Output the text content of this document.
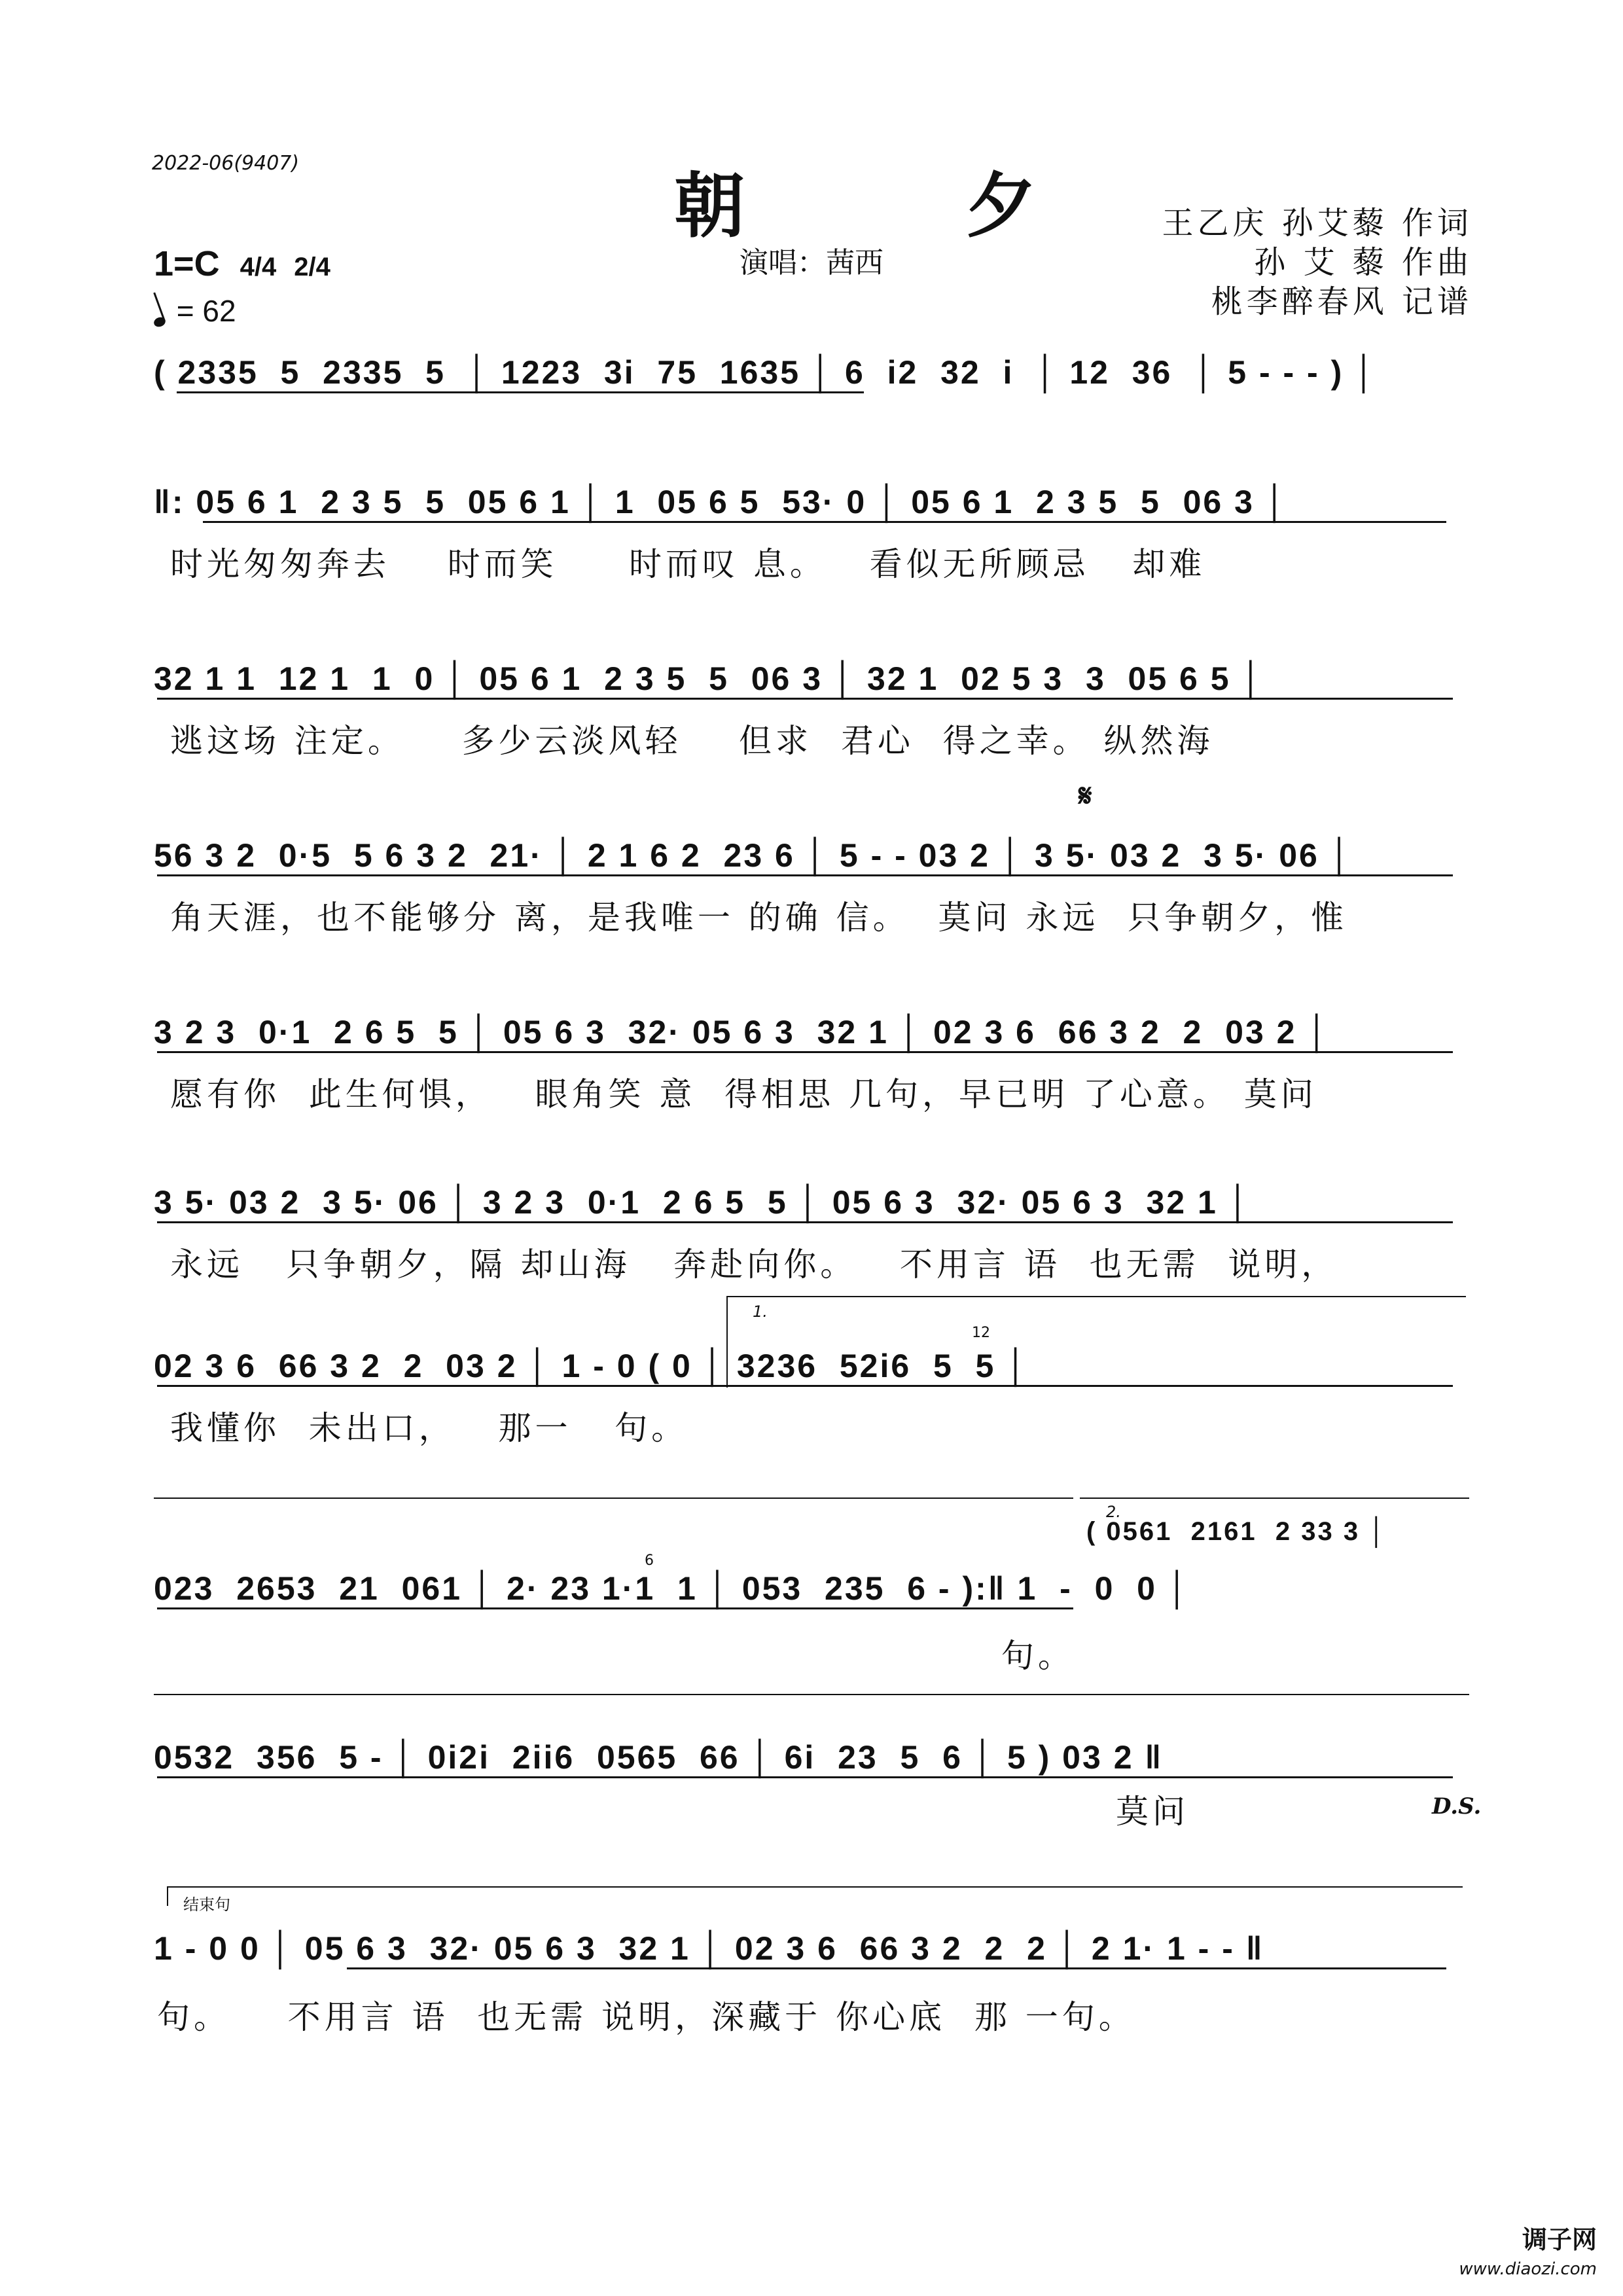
2022-06(9407)
朝 夕
演唱：茜西
王乙庆 孙艾藜 作词
孙 艾 藜 作曲
桃李醉春风 记谱
1=C 4/4 2/4
= 62
( 2335  5  2335  5  │ 1223  3i  75  1635 │ 6  i2  32  i  │ 12  36  │ 5 - - - ) │
‖: 05 6 1  2 3 5  5  05 6 1 │ 1  05 6 5  53· 0 │ 05 6 1  2 3 5  5  06 3 │
时光匆匆奔去    时而笑     时而叹 息。   看似无所顾忌   却难
32 1 1  12 1  1  0 │ 05 6 1  2 3 5  5  06 3 │ 32 1  02 5 3  3  05 6 5 │
逃这场 注定。    多少云淡风轻    但求  君心  得之幸。 纵然海
𝄋
56 3 2  0·5  5 6 3 2  21· │ 2 1 6 2  23 6 │ 5 - - 03 2 │ 3 5· 03 2  3 5· 06 │
角天涯，也不能够分 离，是我唯一 的确 信。  莫问 永远  只争朝夕，惟
3 2 3  0·1  2 6 5  5 │ 05 6 3  32· 05 6 3  32 1 │ 02 3 6  66 3 2  2  03 2 │
愿有你  此生何惧，   眼角笑 意  得相思 几句，早已明 了心意。 莫问
3 5· 03 2  3 5· 06 │ 3 2 3  0·1  2 6 5  5 │ 05 6 3  32· 05 6 3  32 1 │
永远   只争朝夕，隔 却山海   奔赴向你。   不用言 语  也无需  说明，
1.
12
02 3 6  66 3 2  2  03 2 │ 1 - 0 ( 0 │ 3236  52i6  5  5 │
我懂你  未出口，   那一   句。
2.
( 0561  2161  2 33 3 │
6
023  2653  21  061 │ 2· 23 1·1  1 │ 053  235  6 - ):‖ 1  -  0  0 │
句。
0532  356  5 - │ 0i2i  2ii6  0565  66 │ 6i  23  5  6 │ 5 ) 03 2 ‖
莫问	D.S.
结束句
1 - 0 0 │ 05 6 3  32· 05 6 3  32 1 │ 02 3 6  66 3 2  2  2 │ 2 1· 1 - - ‖
句。    不用言 语  也无需 说明，深藏于 你心底  那 一句。
调子网
www.diaozi.com
